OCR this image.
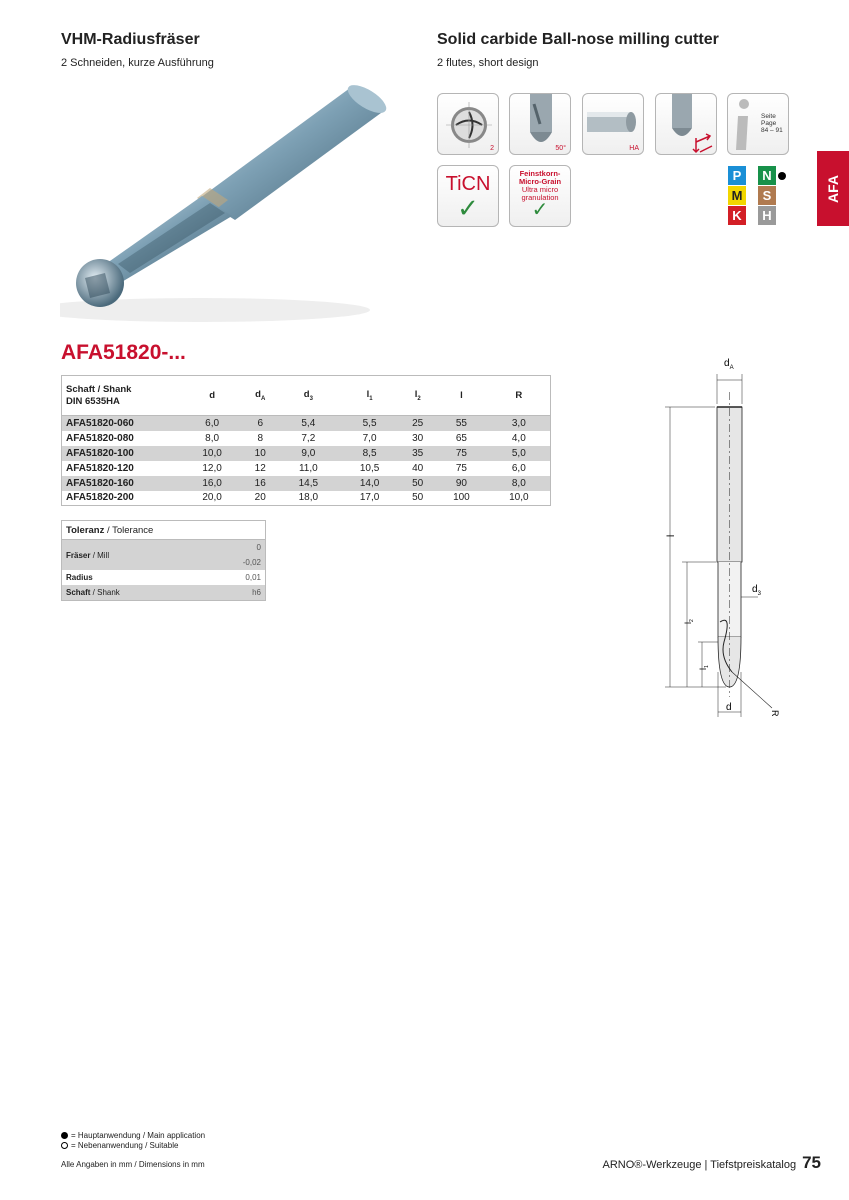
VHM-Radiusfräser
2 Schneiden, kurze Ausführung
Solid carbide Ball-nose milling cutter
2 flutes, short design
2	50°	HA
Seite Page
84 – 91
TiCN
✓
Feinstkorn-
Micro-Grain
Ultra micro
granulation
✓
P	N
M	S
K	H
AFA
AFA51820-...
Schaft / Shank
DIN 6535HA	d	$d_A$	$d_3$	$l_1$	$l_2$	l	R
AFA51820-060	6,0	6	5,4	5,5	25	55	3,0
AFA51820-080	8,0	8	7,2	7,0	30	65	4,0
AFA51820-100	10,0	10	9,0	8,5	35	75	5,0
AFA51820-120	12,0	12	11,0	10,5	40	75	6,0
AFA51820-160	16,0	16	14,5	14,0	50	90	8,0
AFA51820-200	20,0	20	18,0	17,0	50	100	10,0
Toleranz / Tolerance
Fräser / Mill
0
-0,02
Radius	0,01
Schaft / Shank	h6
$d_A$
$d_3$
l
$l_2$
$l_1$
d
R
= Hauptanwendung / Main application
= Nebenanwendung / Suitable
Alle Angaben in mm / Dimensions in mm	ARNO®-Werkzeuge | Tiefstpreiskatalog 75
